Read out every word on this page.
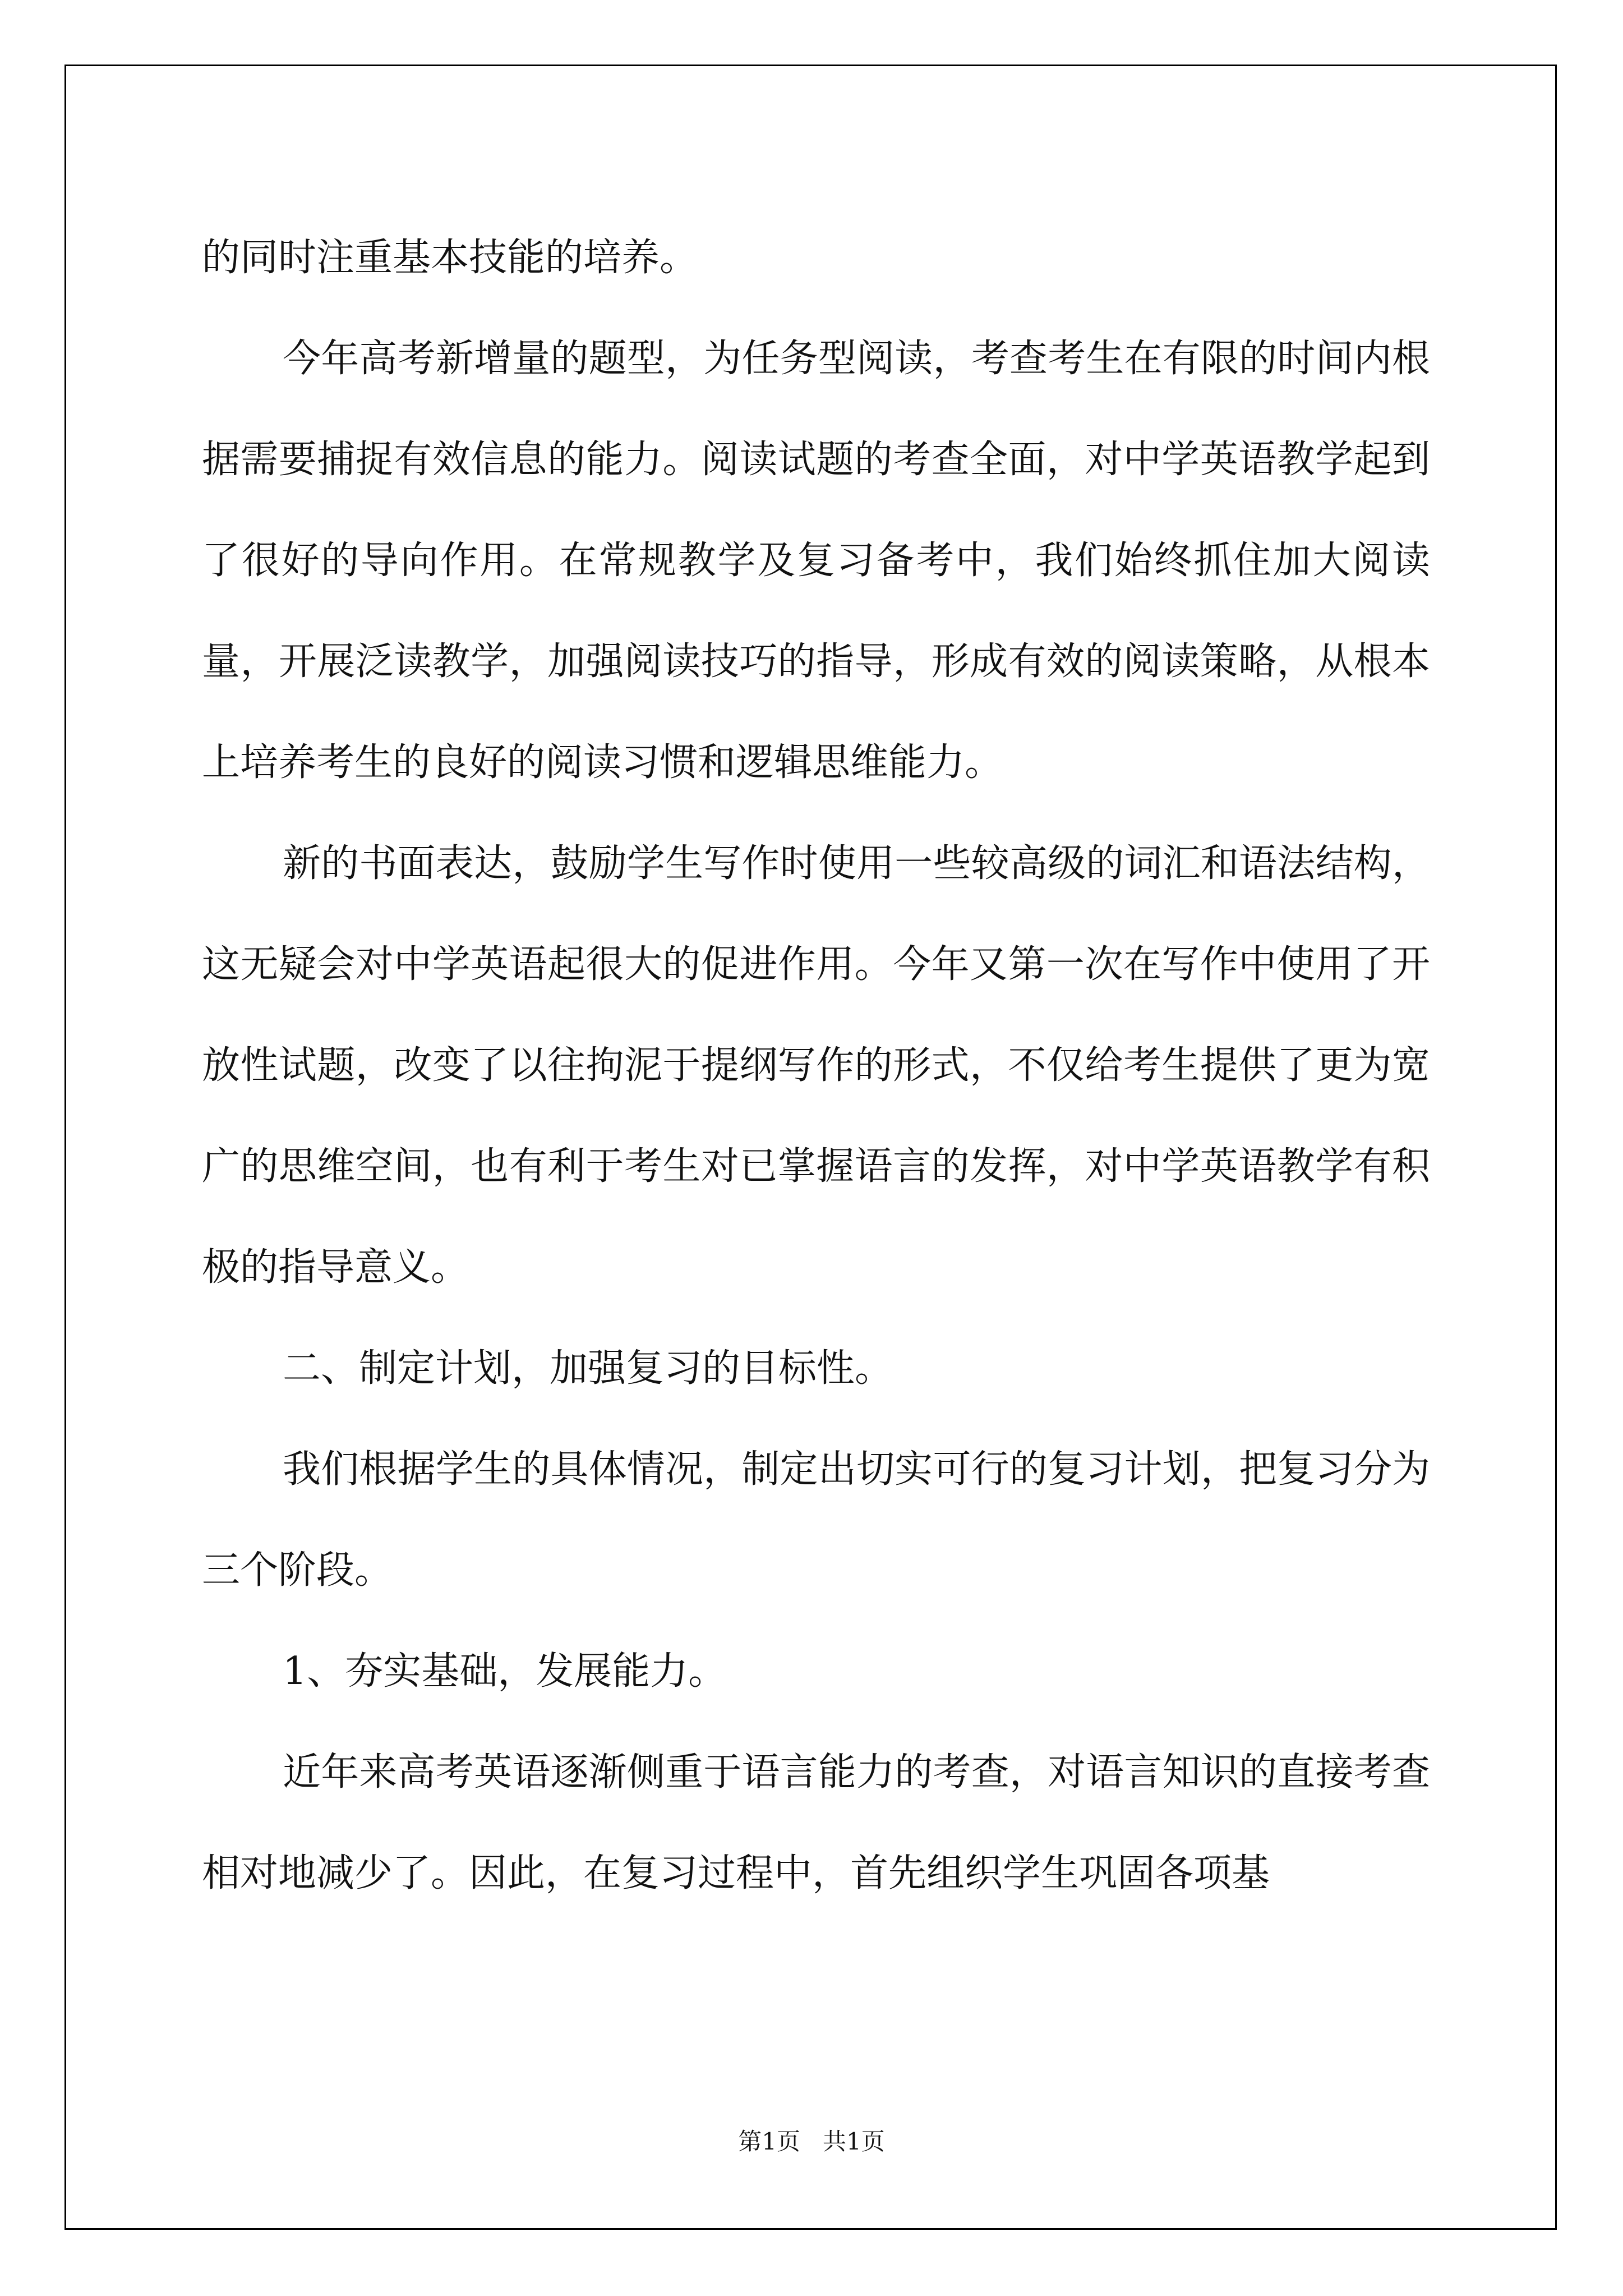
的同时注重基本技能的培养。

今年高考新增量的题型，为任务型阅读，考查考生在有限的时间内根据需要捕捉有效信息的能力。阅读试题的考查全面，对中学英语教学起到了很好的导向作用。在常规教学及复习备考中，我们始终抓住加大阅读量，开展泛读教学，加强阅读技巧的指导，形成有效的阅读策略，从根本上培养考生的良好的阅读习惯和逻辑思维能力。

新的书面表达，鼓励学生写作时使用一些较高级的词汇和语法结构，这无疑会对中学英语起很大的促进作用。今年又第一次在写作中使用了开放性试题，改变了以往拘泥于提纲写作的形式，不仅给考生提供了更为宽广的思维空间，也有利于考生对已掌握语言的发挥，对中学英语教学有积极的指导意义。

二、制定计划，加强复习的目标性。

我们根据学生的具体情况，制定出切实可行的复习计划，把复习分为三个阶段。

1、夯实基础，发展能力。

近年来高考英语逐渐侧重于语言能力的考查，对语言知识的直接考查相对地减少了。因此，在复习过程中，首先组织学生巩固各项基

第1页   共1页
